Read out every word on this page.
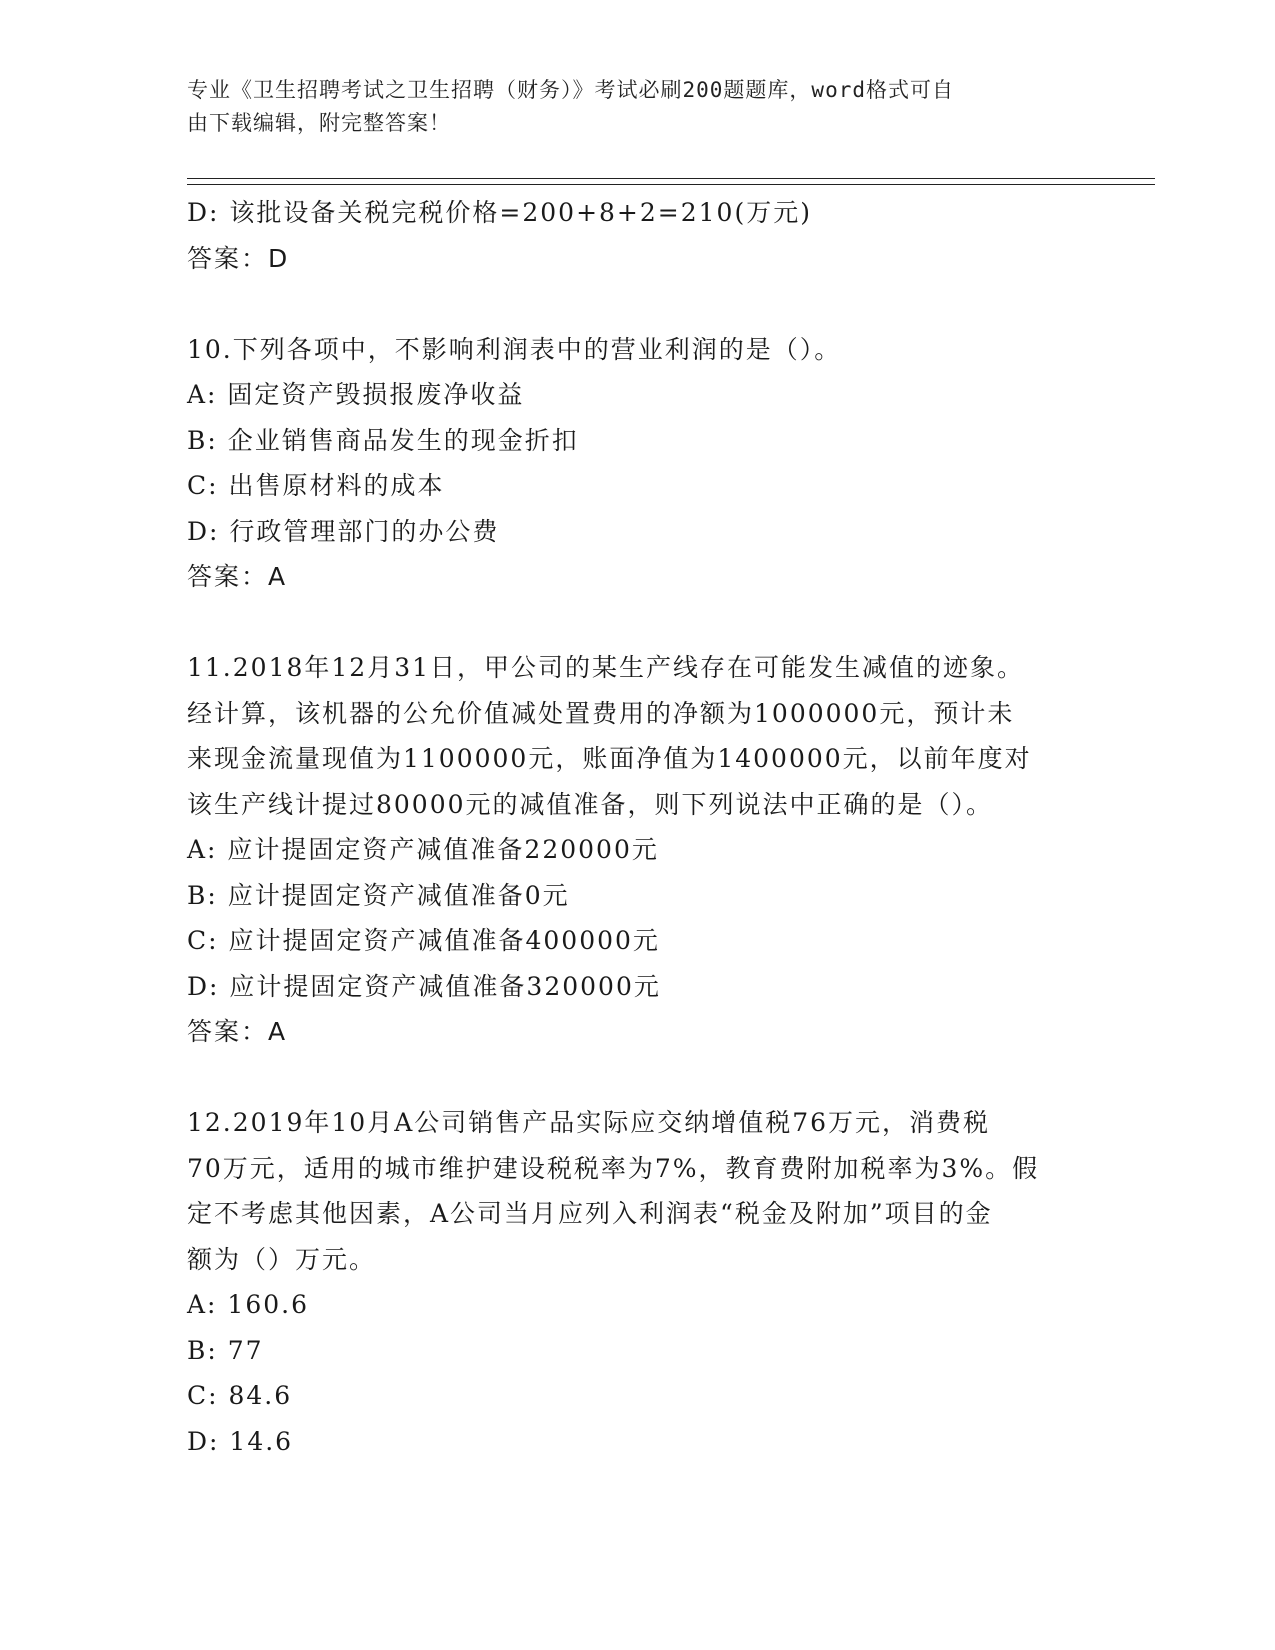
专业《卫生招聘考试之卫生招聘（财务）》考试必刷200题题库，word格式可自
由下载编辑，附完整答案！
D: 该批设备关税完税价格=200+8+2=210(万元)
答案：D
10.下列各项中，不影响利润表中的营业利润的是（）。
A: 固定资产毁损报废净收益
B: 企业销售商品发生的现金折扣
C: 出售原材料的成本
D: 行政管理部门的办公费
答案：A
11.2018年12月31日，甲公司的某生产线存在可能发生减值的迹象。
经计算，该机器的公允价值减处置费用的净额为1000000元，预计未
来现金流量现值为1100000元，账面净值为1400000元，以前年度对
该生产线计提过80000元的减值准备，则下列说法中正确的是（）。
A: 应计提固定资产减值准备220000元
B: 应计提固定资产减值准备0元
C: 应计提固定资产减值准备400000元
D: 应计提固定资产减值准备320000元
答案：A
12.2019年10月A公司销售产品实际应交纳增值税76万元，消费税
70万元，适用的城市维护建设税税率为7%，教育费附加税率为3%。假
定不考虑其他因素，A公司当月应列入利润表“税金及附加”项目的金
额为（）万元。
A: 160.6
B: 77
C: 84.6
D: 14.6
